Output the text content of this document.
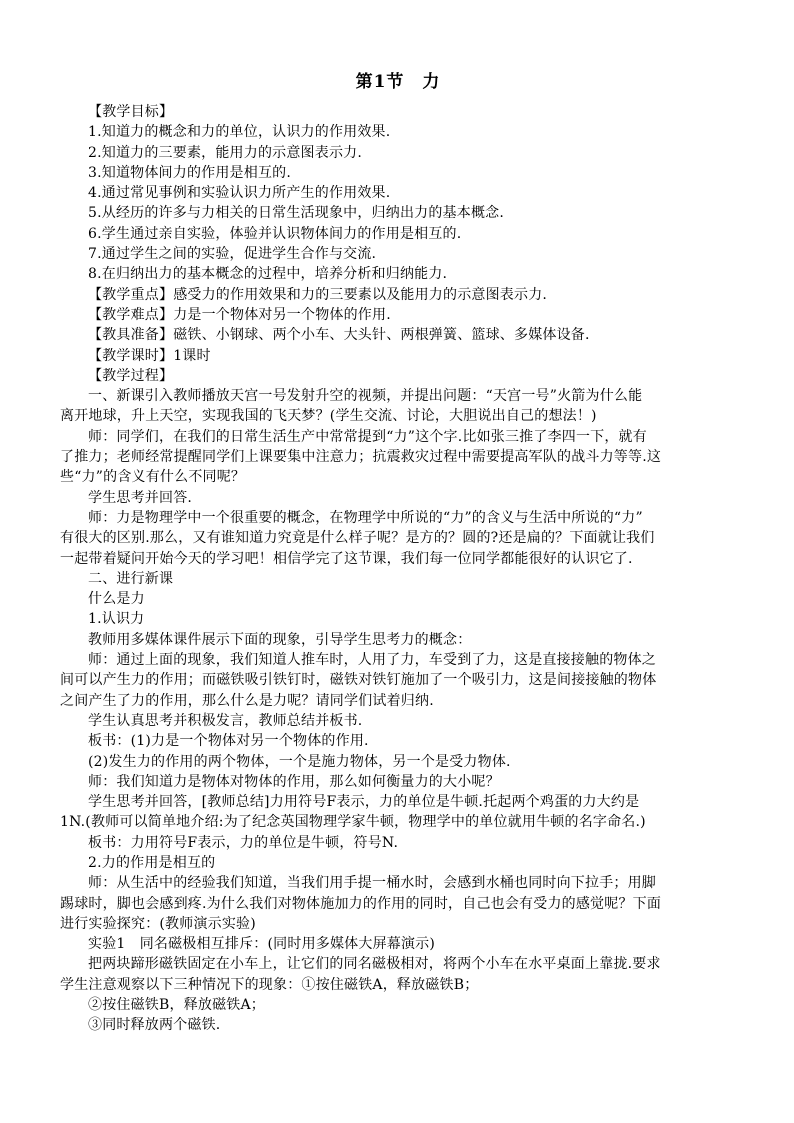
第1节　力
【教学目标】
1.知道力的概念和力的单位，认识力的作用效果.
2.知道力的三要素，能用力的示意图表示力.
3.知道物体间力的作用是相互的.
4.通过常见事例和实验认识力所产生的作用效果.
5.从经历的许多与力相关的日常生活现象中，归纳出力的基本概念.
6.学生通过亲自实验，体验并认识物体间力的作用是相互的.
7.通过学生之间的实验，促进学生合作与交流.
8.在归纳出力的基本概念的过程中，培养分析和归纳能力.
【教学重点】感受力的作用效果和力的三要素以及能用力的示意图表示力.
【教学难点】力是一个物体对另一个物体的作用.
【教具准备】磁铁、小钢球、两个小车、大头针、两根弹簧、篮球、多媒体设备.
【教学课时】1课时
【教学过程】
一、新课引入教师播放天宫一号发射升空的视频，并提出问题：“天宫一号”火箭为什么能
离开地球，升上天空，实现我国的飞天梦？(学生交流、讨论，大胆说出自己的想法！)
师：同学们，在我们的日常生活生产中常常提到“力”这个字.比如张三推了李四一下，就有
了推力；老师经常提醒同学们上课要集中注意力；抗震救灾过程中需要提高军队的战斗力等等.这
些“力”的含义有什么不同呢？
学生思考并回答.
师：力是物理学中一个很重要的概念，在物理学中所说的“力”的含义与生活中所说的“力”
有很大的区别.那么，又有谁知道力究竟是什么样子呢？是方的？圆的?还是扁的？下面就让我们
一起带着疑问开始今天的学习吧！相信学完了这节课，我们每一位同学都能很好的认识它了.
二、进行新课
什么是力
1.认识力
教师用多媒体课件展示下面的现象，引导学生思考力的概念：
师：通过上面的现象，我们知道人推车时，人用了力，车受到了力，这是直接接触的物体之
间可以产生力的作用；而磁铁吸引铁钉时，磁铁对铁钉施加了一个吸引力，这是间接接触的物体
之间产生了力的作用，那么什么是力呢？请同学们试着归纳.
学生认真思考并积极发言，教师总结并板书.
板书：(1)力是一个物体对另一个物体的作用.
(2)发生力的作用的两个物体，一个是施力物体，另一个是受力物体.
师：我们知道力是物体对物体的作用，那么如何衡量力的大小呢？
学生思考并回答，[教师总结]力用符号F表示，力的单位是牛顿.托起两个鸡蛋的力大约是
1N.(教师可以简单地介绍:为了纪念英国物理学家牛顿，物理学中的单位就用牛顿的名字命名.)
板书：力用符号F表示，力的单位是牛顿，符号N.
2.力的作用是相互的
师：从生活中的经验我们知道，当我们用手提一桶水时，会感到水桶也同时向下拉手；用脚
踢球时，脚也会感到疼.为什么我们对物体施加力的作用的同时，自己也会有受力的感觉呢？下面
进行实验探究：(教师演示实验)
实验1　同名磁极相互排斥：(同时用多媒体大屏幕演示)
把两块蹄形磁铁固定在小车上，让它们的同名磁极相对，将两个小车在水平桌面上靠拢.要求
学生注意观察以下三种情况下的现象：①按住磁铁A，释放磁铁B；
②按住磁铁B，释放磁铁A；
③同时释放两个磁铁.
